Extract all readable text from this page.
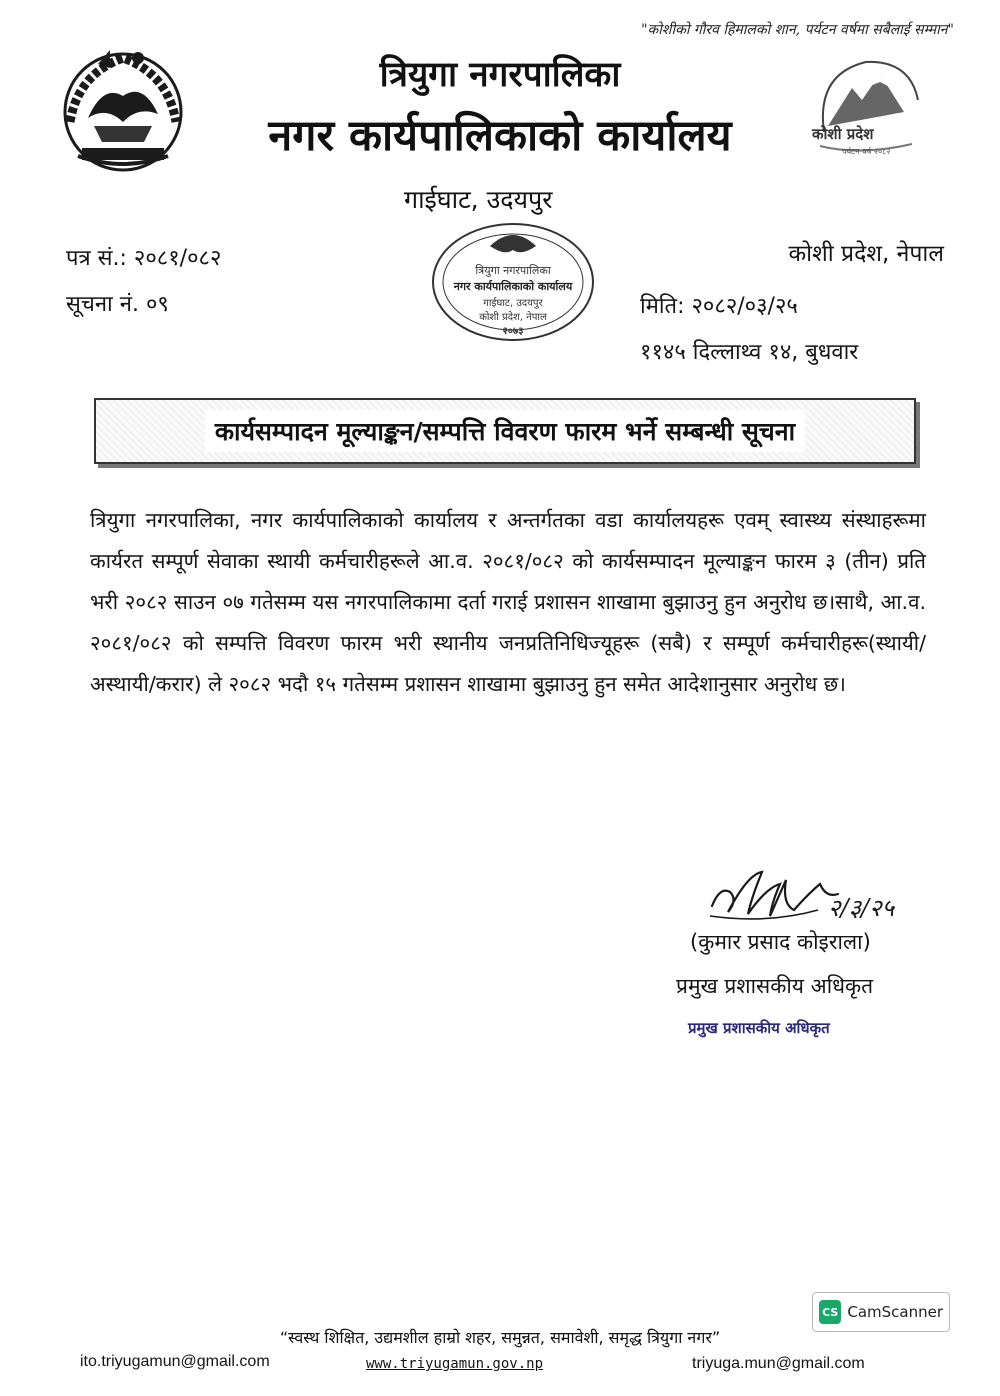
"कोशीको गौरव हिमालको शान, पर्यटन वर्षमा सबैलाई सम्मान"
त्रियुगा नगरपालिका
नगर कार्यपालिकाको कार्यालय	कोशी प्रदेश
पर्यटन वर्ष २०८२
गाईघाट, उदयपुर
पत्र सं.: २०८१/०८२
सूचना नं. ०९
कोशी प्रदेश, नेपाल
मिति: २०८२/०३/२५
११४५ दिल्लाथ्व १४, बुधवार
त्रियुगा नगरपालिका
नगर कार्यपालिकाको कार्यालय
गाईघाट, उदयपुर
कोशी प्रदेश, नेपाल
२०७३
कार्यसम्पादन मूल्याङ्कन/सम्पत्ति विवरण फारम भर्ने सम्बन्धी सूचना

त्रियुगा नगरपालिका, नगर कार्यपालिकाको कार्यालय र अन्तर्गतका वडा कार्यालयहरू एवम् स्वास्थ्य संस्थाहरूमा कार्यरत सम्पूर्ण सेवाका स्थायी कर्मचारीहरूले आ.व. २०८१/०८२ को कार्यसम्पादन मूल्याङ्कन फारम ३ (तीन) प्रति भरी २०८२ साउन ०७ गतेसम्म यस नगरपालिकामा दर्ता गराई प्रशासन शाखामा बुझाउनु हुन अनुरोध छ।साथै, आ.व. २०८१/०८२ को सम्पत्ति विवरण फारम भरी स्थानीय जनप्रतिनिधिज्यूहरू (सबै) र सम्पूर्ण कर्मचारीहरू(स्थायी/अस्थायी/करार) ले २०८२ भदौ १५ गतेसम्म प्रशासन शाखामा बुझाउनु हुन समेत आदेशानुसार अनुरोध छ।

२/३/२५
(कुमार प्रसाद कोइराला)
प्रमुख प्रशासकीय अधिकृत
प्रमुख प्रशासकीय अधिकृत
CS CamScanner
“स्वस्थ शिक्षित, उद्यमशील हाम्रो शहर, समुन्नत, समावेशी, समृद्ध त्रियुगा नगर”
ito.triyugamun@gmail.com	www.triyugamun.gov.np	triyuga.mun@gmail.com
